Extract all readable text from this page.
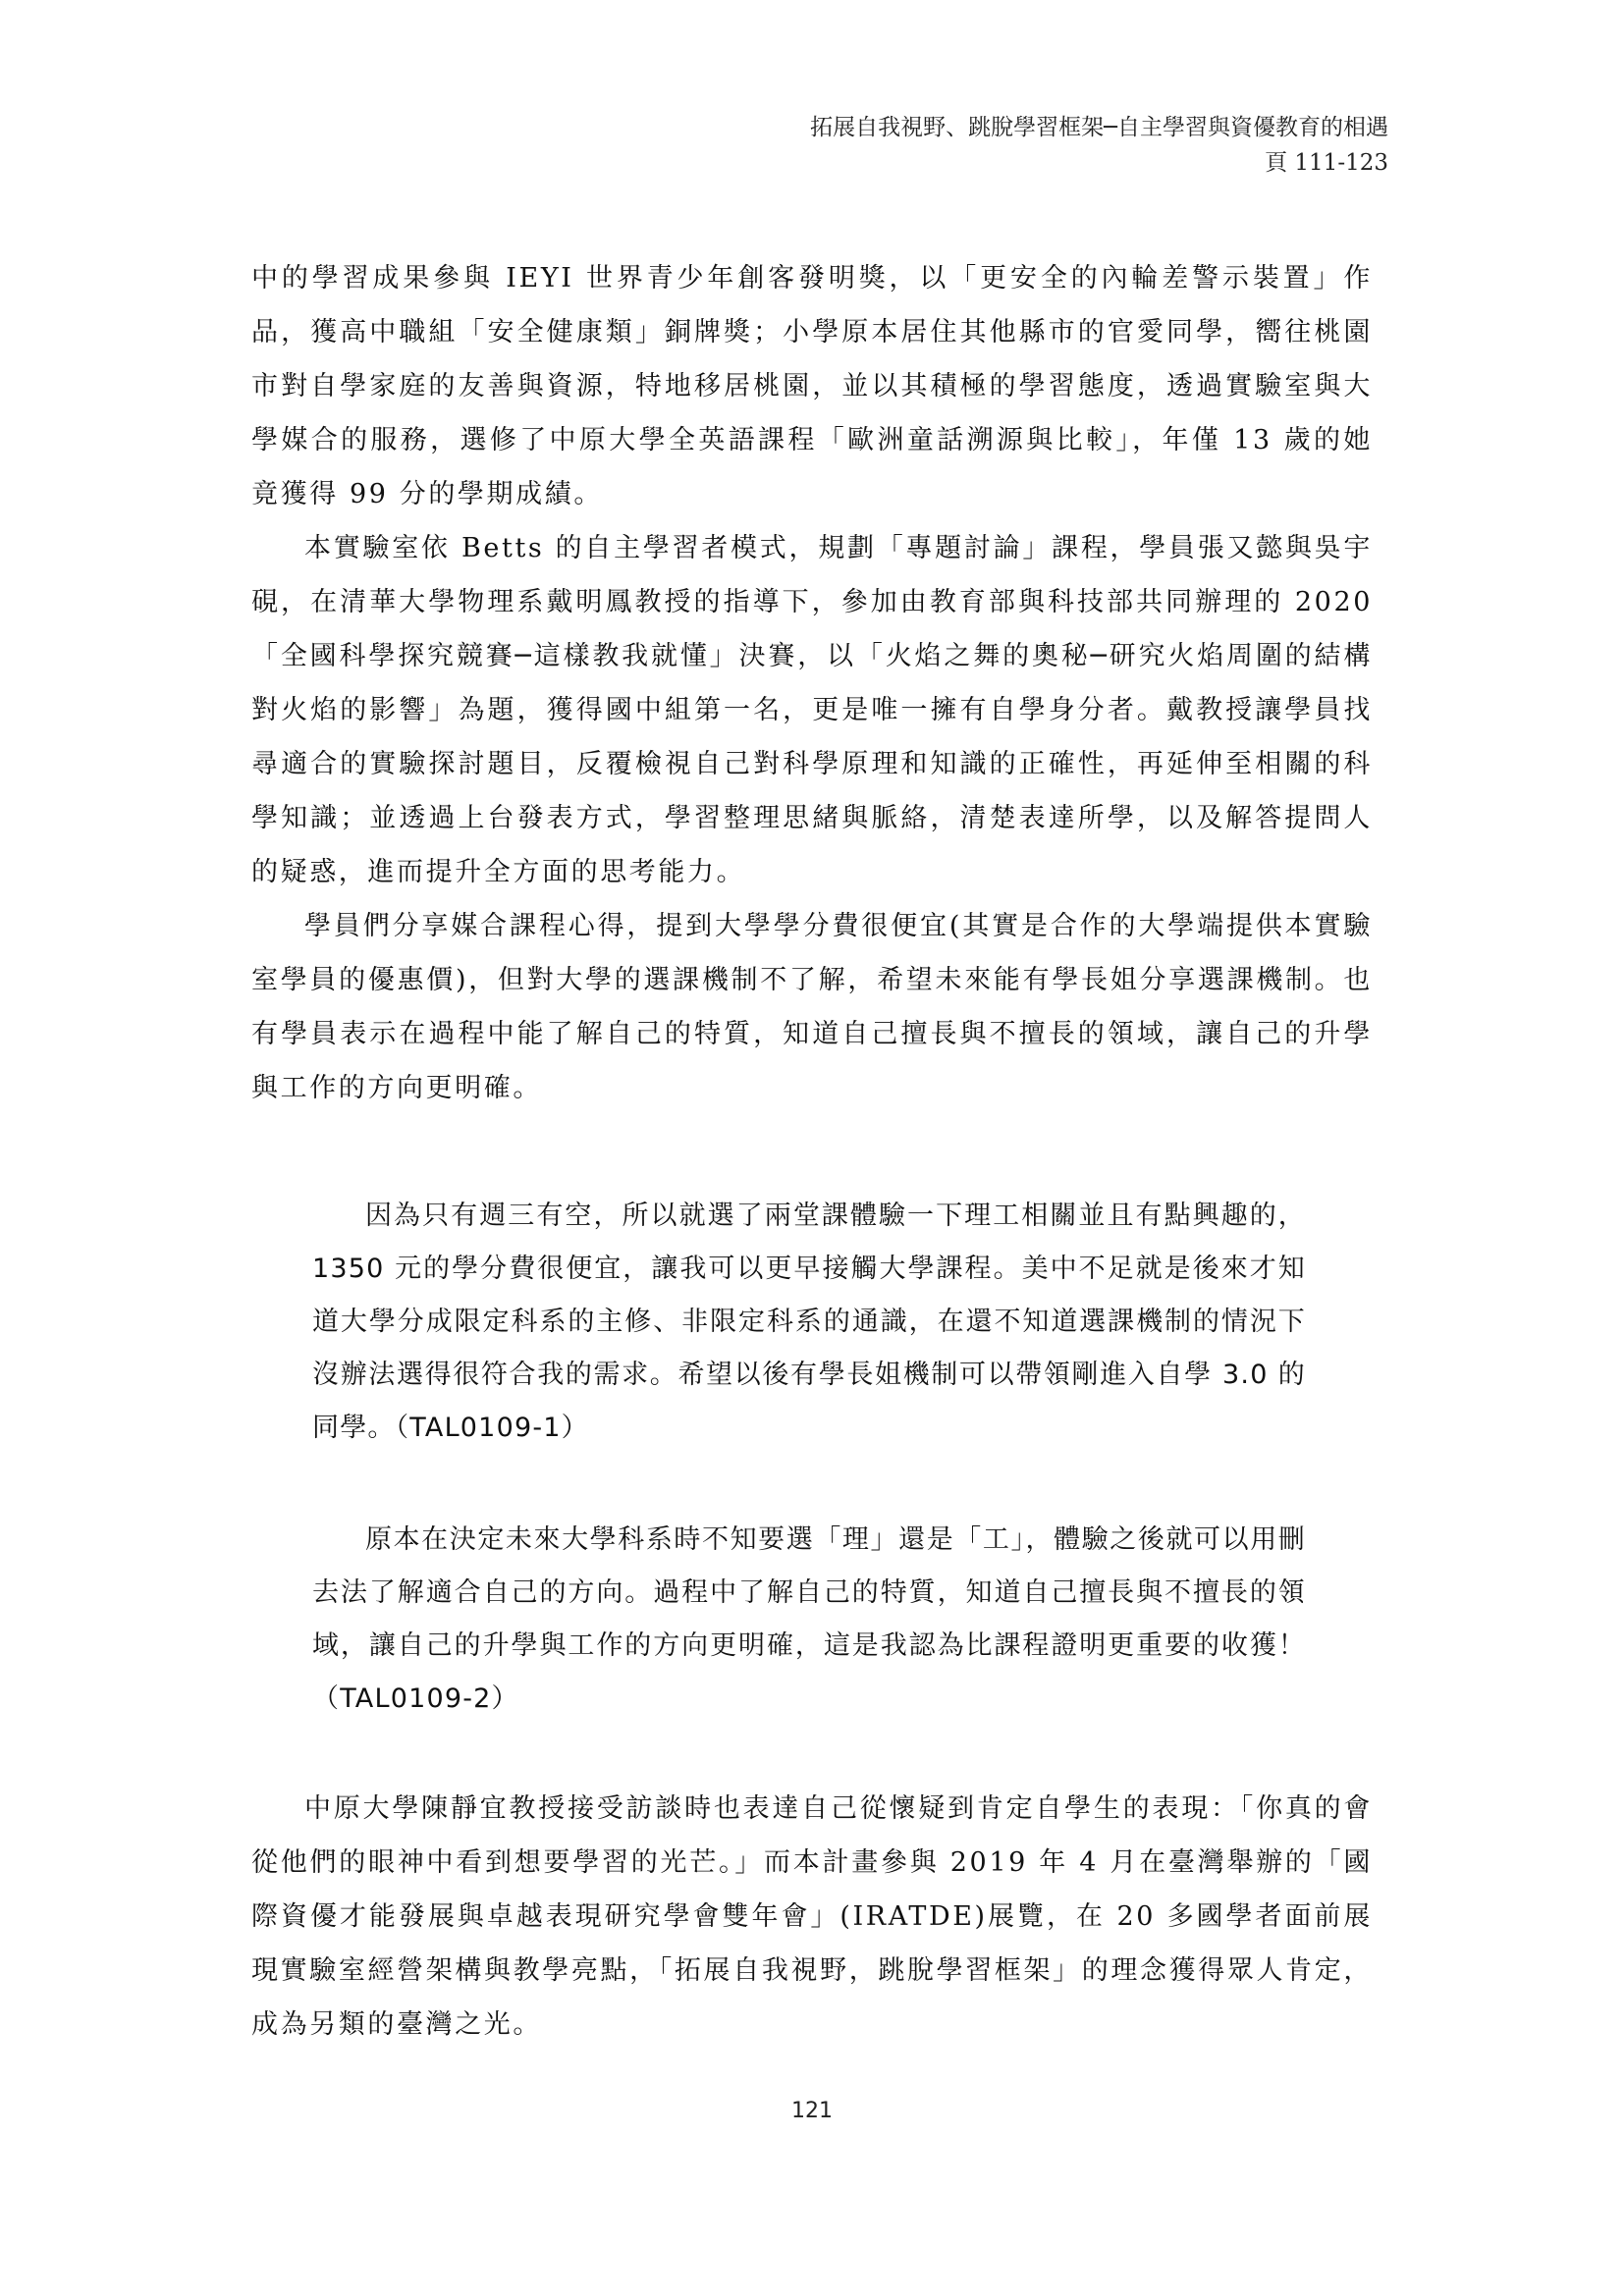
拓展自我視野、跳脫學習框架─自主學習與資優教育的相遇
頁 111-123

中的學習成果參與 IEYI 世界青少年創客發明獎，以「更安全的內輪差警示裝置」作品，獲高中職組「安全健康類」銅牌獎；小學原本居住其他縣市的官愛同學，嚮往桃園市對自學家庭的友善與資源，特地移居桃園，並以其積極的學習態度，透過實驗室與大學媒合的服務，選修了中原大學全英語課程「歐洲童話溯源與比較」，年僅 13 歲的她竟獲得 99 分的學期成績。

本實驗室依 Betts 的自主學習者模式，規劃「專題討論」課程，學員張又懿與吳宇硯，在清華大學物理系戴明鳳教授的指導下，參加由教育部與科技部共同辦理的 2020「全國科學探究競賽─這樣教我就懂」決賽，以「火焰之舞的奧秘─研究火焰周圍的結構對火焰的影響」為題，獲得國中組第一名，更是唯一擁有自學身分者。戴教授讓學員找尋適合的實驗探討題目，反覆檢視自己對科學原理和知識的正確性，再延伸至相關的科學知識；並透過上台發表方式，學習整理思緒與脈絡，清楚表達所學，以及解答提問人的疑惑，進而提升全方面的思考能力。

學員們分享媒合課程心得，提到大學學分費很便宜(其實是合作的大學端提供本實驗室學員的優惠價)，但對大學的選課機制不了解，希望未來能有學長姐分享選課機制。也有學員表示在過程中能了解自己的特質，知道自己擅長與不擅長的領域，讓自己的升學與工作的方向更明確。

因為只有週三有空，所以就選了兩堂課體驗一下理工相關並且有點興趣的，1350 元的學分費很便宜，讓我可以更早接觸大學課程。美中不足就是後來才知道大學分成限定科系的主修、非限定科系的通識，在還不知道選課機制的情況下沒辦法選得很符合我的需求。希望以後有學長姐機制可以帶領剛進入自學 3.0 的同學。（TAL0109-1）

原本在決定未來大學科系時不知要選「理」還是「工」，體驗之後就可以用刪去法了解適合自己的方向。過程中了解自己的特質，知道自己擅長與不擅長的領域，讓自己的升學與工作的方向更明確，這是我認為比課程證明更重要的收獲！（TAL0109-2）

中原大學陳靜宜教授接受訪談時也表達自己從懷疑到肯定自學生的表現：「你真的會從他們的眼神中看到想要學習的光芒。」而本計畫參與 2019 年 4 月在臺灣舉辦的「國際資優才能發展與卓越表現研究學會雙年會」(IRATDE)展覽，在 20 多國學者面前展現實驗室經營架構與教學亮點，「拓展自我視野，跳脫學習框架」的理念獲得眾人肯定，成為另類的臺灣之光。

121
